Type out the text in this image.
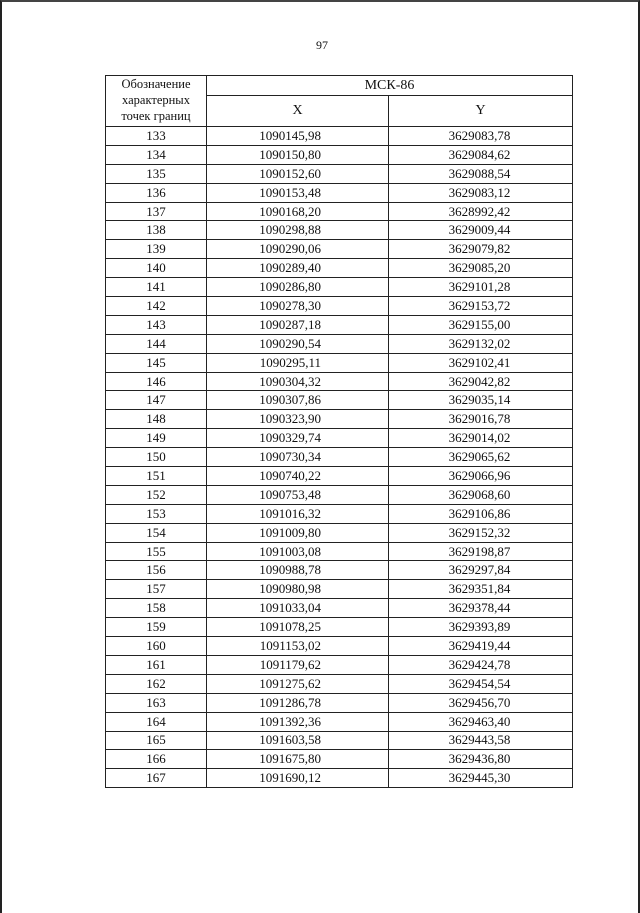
97
Обозначение характерных точек границ	МСК-86	
	X	Y
133	1090145,98	3629083,78
134	1090150,80	3629084,62
135	1090152,60	3629088,54
136	1090153,48	3629083,12
137	1090168,20	3628992,42
138	1090298,88	3629009,44
139	1090290,06	3629079,82
140	1090289,40	3629085,20
141	1090286,80	3629101,28
142	1090278,30	3629153,72
143	1090287,18	3629155,00
144	1090290,54	3629132,02
145	1090295,11	3629102,41
146	1090304,32	3629042,82
147	1090307,86	3629035,14
148	1090323,90	3629016,78
149	1090329,74	3629014,02
150	1090730,34	3629065,62
151	1090740,22	3629066,96
152	1090753,48	3629068,60
153	1091016,32	3629106,86
154	1091009,80	3629152,32
155	1091003,08	3629198,87
156	1090988,78	3629297,84
157	1090980,98	3629351,84
158	1091033,04	3629378,44
159	1091078,25	3629393,89
160	1091153,02	3629419,44
161	1091179,62	3629424,78
162	1091275,62	3629454,54
163	1091286,78	3629456,70
164	1091392,36	3629463,40
165	1091603,58	3629443,58
166	1091675,80	3629436,80
167	1091690,12	3629445,30
